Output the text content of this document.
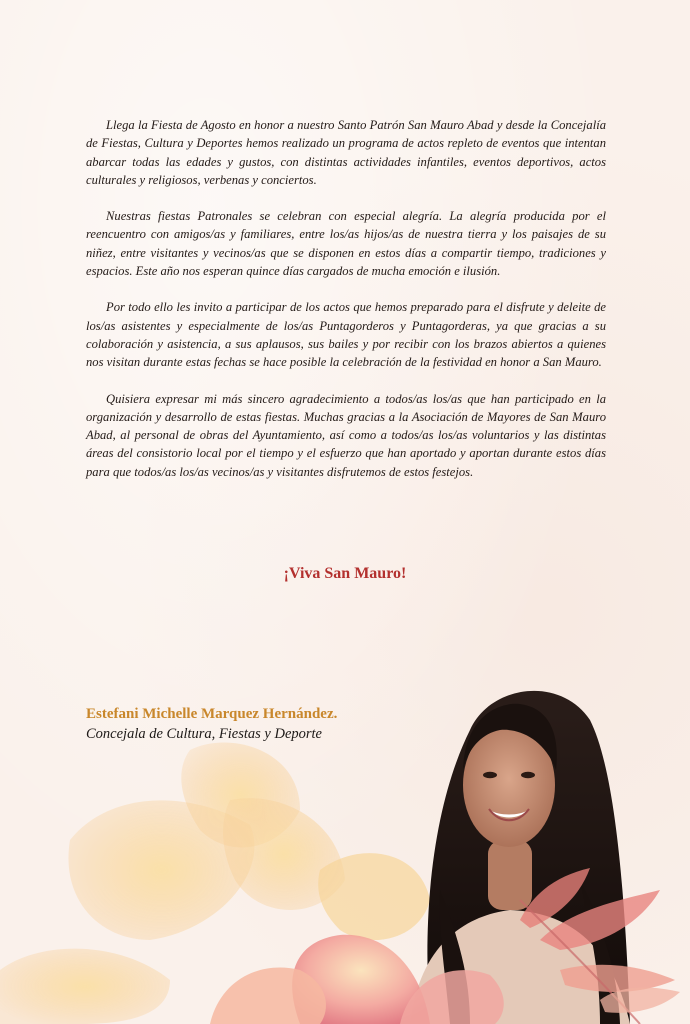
Llega la Fiesta de Agosto en honor a nuestro Santo Patrón San Mauro Abad y desde la Concejalía de Fiestas, Cultura y Deportes hemos realizado un programa de actos repleto de eventos que intentan abarcar todas las edades y gustos, con distintas actividades infantiles, eventos deportivos, actos culturales y religiosos, verbenas y conciertos.

Nuestras fiestas Patronales se celebran con especial alegría. La alegría producida por el reencuentro con amigos/as y familiares, entre los/as hijos/as de nuestra tierra y los paisajes de su niñez, entre visitantes y vecinos/as que se disponen en estos días a compartir tiempo, tradiciones y espacios. Este año nos esperan quince días cargados de mucha emoción e ilusión.

Por todo ello les invito a participar de los actos que hemos preparado para el disfrute y deleite de los/as asistentes y especialmente de los/as Puntagorderos y Puntagorderas, ya que gracias a su colaboración y asistencia, a sus aplausos, sus bailes y por recibir con los brazos abiertos a quienes nos visitan durante estas fechas se hace posible la celebración de la festividad en honor a San Mauro.

Quisiera expresar mi más sincero agradecimiento a todos/as los/as que han participado en la organización y desarrollo de estas fiestas. Muchas gracias a la Asociación de Mayores de San Mauro Abad, al personal de obras del Ayuntamiento, así como a todos/as los/as voluntarios y las distintas áreas del consistorio local por el tiempo y el esfuerzo que han aportado y aportan durante estos días para que todos/as los/as vecinos/as y visitantes disfrutemos de estos festejos.

¡Viva San Mauro!
Estefani Michelle Marquez Hernández.
Concejala de Cultura, Fiestas y Deporte
